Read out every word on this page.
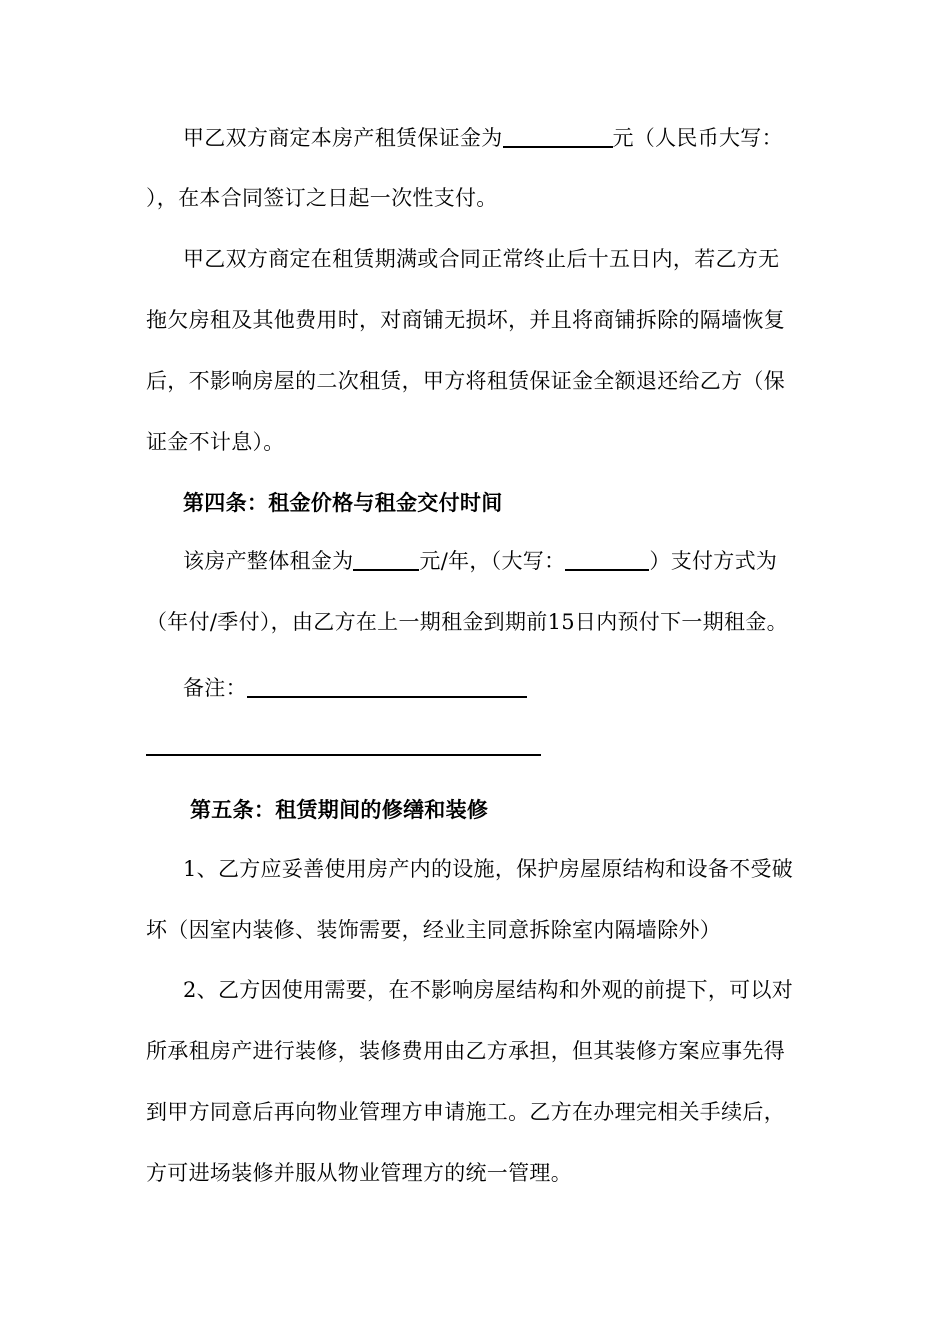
甲乙双方商定本房产租赁保证金为	元（人民币大写：
），在本合同签订之日起一次性支付。
甲乙双方商定在租赁期满或合同正常终止后十五日内，若乙方无
拖欠房租及其他费用时，对商铺无损坏，并且将商铺拆除的隔墙恢复
后，不影响房屋的二次租赁，甲方将租赁保证金全额退还给乙方（保
证金不计息）。
第四条：租金价格与租金交付时间
该房产整体租金为	元/年，（大写：	）支付方式为
（年付/季付），由乙方在上一期租金到期前15日内预付下一期租金。
备注：
第五条：租赁期间的修缮和装修
1、乙方应妥善使用房产内的设施，保护房屋原结构和设备不受破
坏（因室内装修、装饰需要，经业主同意拆除室内隔墙除外）
2、乙方因使用需要，在不影响房屋结构和外观的前提下，可以对
所承租房产进行装修，装修费用由乙方承担，但其装修方案应事先得
到甲方同意后再向物业管理方申请施工。乙方在办理完相关手续后，
方可进场装修并服从物业管理方的统一管理。
